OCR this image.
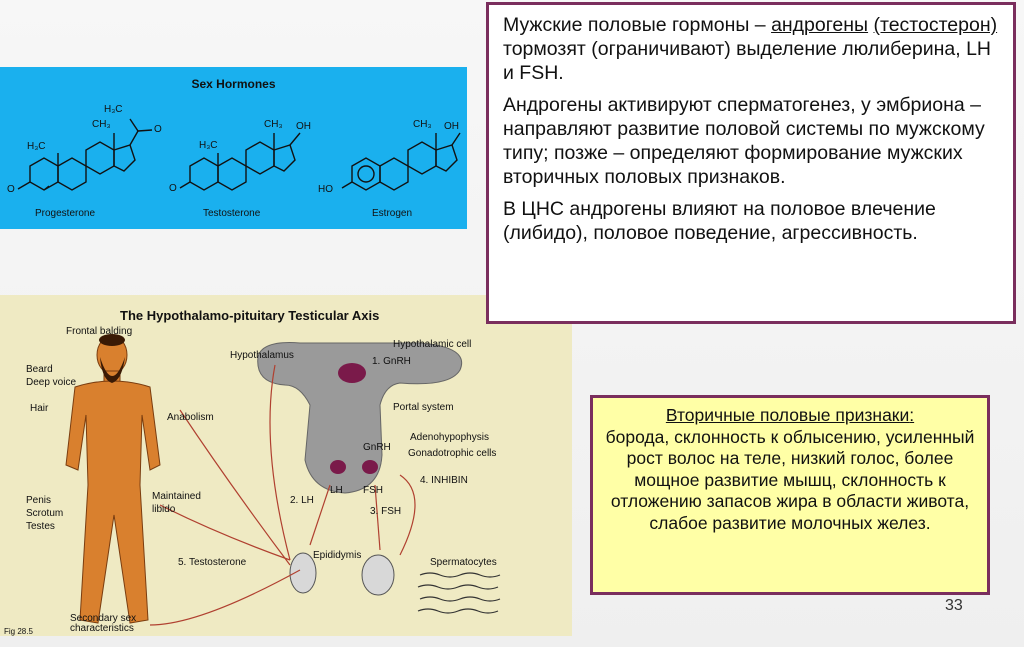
Sex Hormones
Progesterone	Testosterone	Estrogen
H₃C
H₃C
CH₃	O
O
CH₃ OH
H₃C
O
CH₃ OH
HO
The Hypothalamo-pituitary Testicular Axis
Frontal balding
Beard
Deep voice
Hair
Anabolism
Penis
Scrotum
Testes
Maintained
libido
Secondary sex
characteristics
Hypothalamus
Hypothalamic cell
1. GnRH
Portal system
GnRH
Adenohypophysis
Gonadotrophic cells
4. INHIBIN
LH FSH
2. LH
3. FSH
5. Testosterone
Epididymis
Spermatocytes
Fig 28.5

Мужские половые гормоны – андрогены (тестостерон) тормозят (ограничивают) выделение люлиберина, LH и FSH.

Андрогены активируют сперматогенез, у эмбриона – направляют развитие половой системы по мужскому типу; позже – определяют формирование мужских вторичных половых признаков.

В ЦНС андрогены влияют на половое влечение (либидо), половое поведение, агрессивность.

Вторичные половые признаки:
борода, склонность к облысению, усиленный рост волос на теле, низкий голос, более мощное развитие мышц, склонность к отложению запасов жира в области живота, слабое развитие молочных желез.
33
